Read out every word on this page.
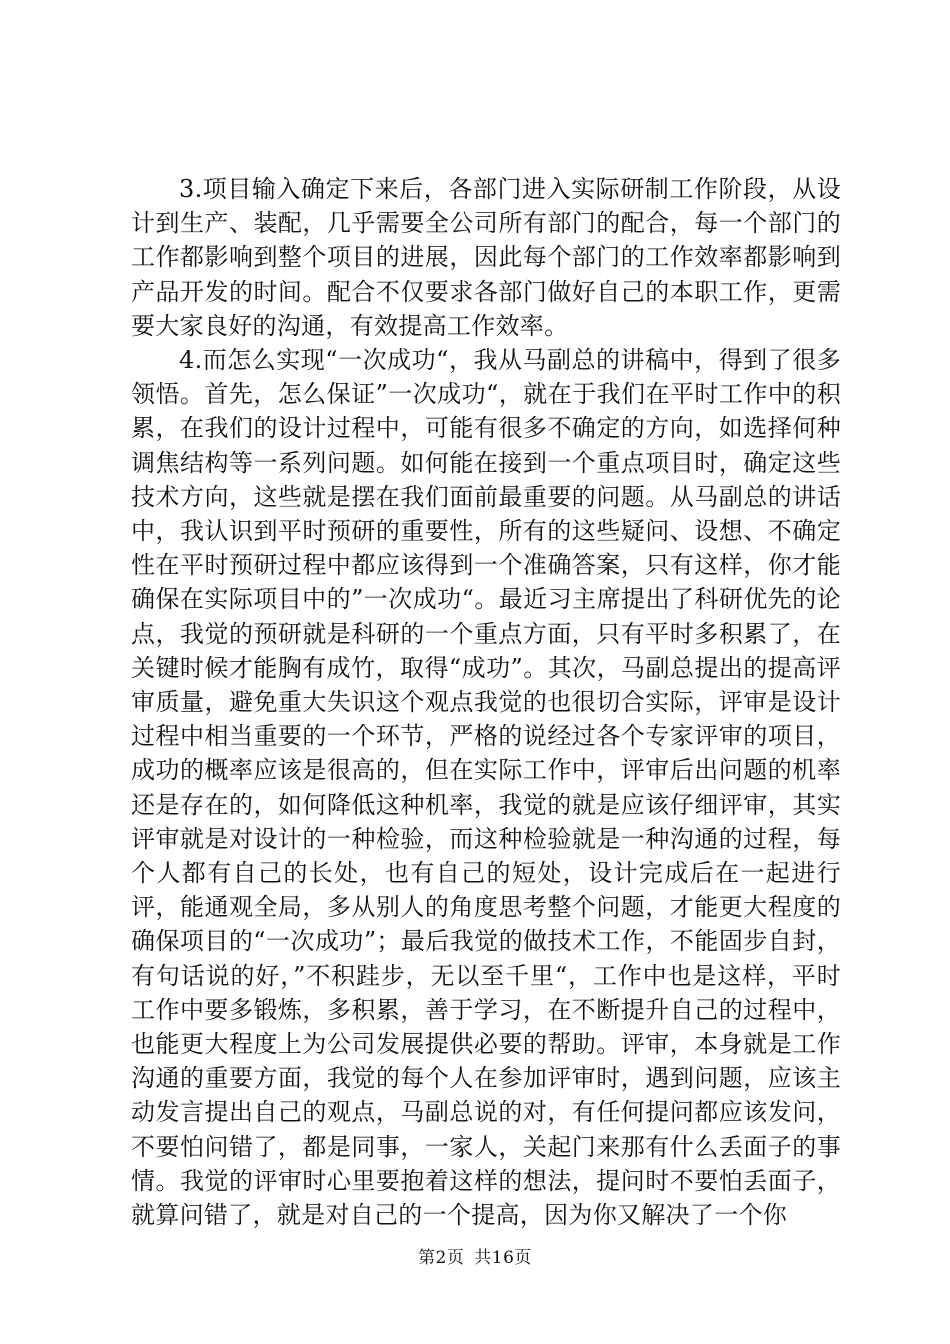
3.项目输入确定下来后，各部门进入实际研制工作阶段，从设计到生产、装配，几乎需要全公司所有部门的配合，每一个部门的工作都影响到整个项目的进展，因此每个部门的工作效率都影响到产品开发的时间。配合不仅要求各部门做好自己的本职工作，更需要大家良好的沟通，有效提高工作效率。

4.而怎么实现“一次成功“，我从马副总的讲稿中，得到了很多领悟。首先，怎么保证”一次成功“，就在于我们在平时工作中的积累，在我们的设计过程中，可能有很多不确定的方向，如选择何种调焦结构等一系列问题。如何能在接到一个重点项目时，确定这些技术方向，这些就是摆在我们面前最重要的问题。从马副总的讲话中，我认识到平时预研的重要性，所有的这些疑问、设想、不确定性在平时预研过程中都应该得到一个准确答案，只有这样，你才能确保在实际项目中的”一次成功“。最近习主席提出了科研优先的论点，我觉的预研就是科研的一个重点方面，只有平时多积累了，在关键时候才能胸有成竹，取得“成功”。其次，马副总提出的提高评审质量，避免重大失识这个观点我觉的也很切合实际，评审是设计过程中相当重要的一个环节，严格的说经过各个专家评审的项目，成功的概率应该是很高的，但在实际工作中，评审后出问题的机率还是存在的，如何降低这种机率，我觉的就是应该仔细评审，其实评审就是对设计的一种检验，而这种检验就是一种沟通的过程，每个人都有自己的长处，也有自己的短处，设计完成后在一起进行评，能通观全局，多从别人的角度思考整个问题，才能更大程度的确保项目的“一次成功”；最后我觉的做技术工作，不能固步自封，有句话说的好，”不积跬步，无以至千里“，工作中也是这样，平时工作中要多锻炼，多积累，善于学习，在不断提升自己的过程中，也能更大程度上为公司发展提供必要的帮助。评审，本身就是工作沟通的重要方面，我觉的每个人在参加评审时，遇到问题，应该主动发言提出自己的观点，马副总说的对，有任何提问都应该发问，不要怕问错了，都是同事，一家人，关起门来那有什么丢面子的事情。我觉的评审时心里要抱着这样的想法，提问时不要怕丢面子，就算问错了，就是对自己的一个提高，因为你又解决了一个你

第2页 共16页
